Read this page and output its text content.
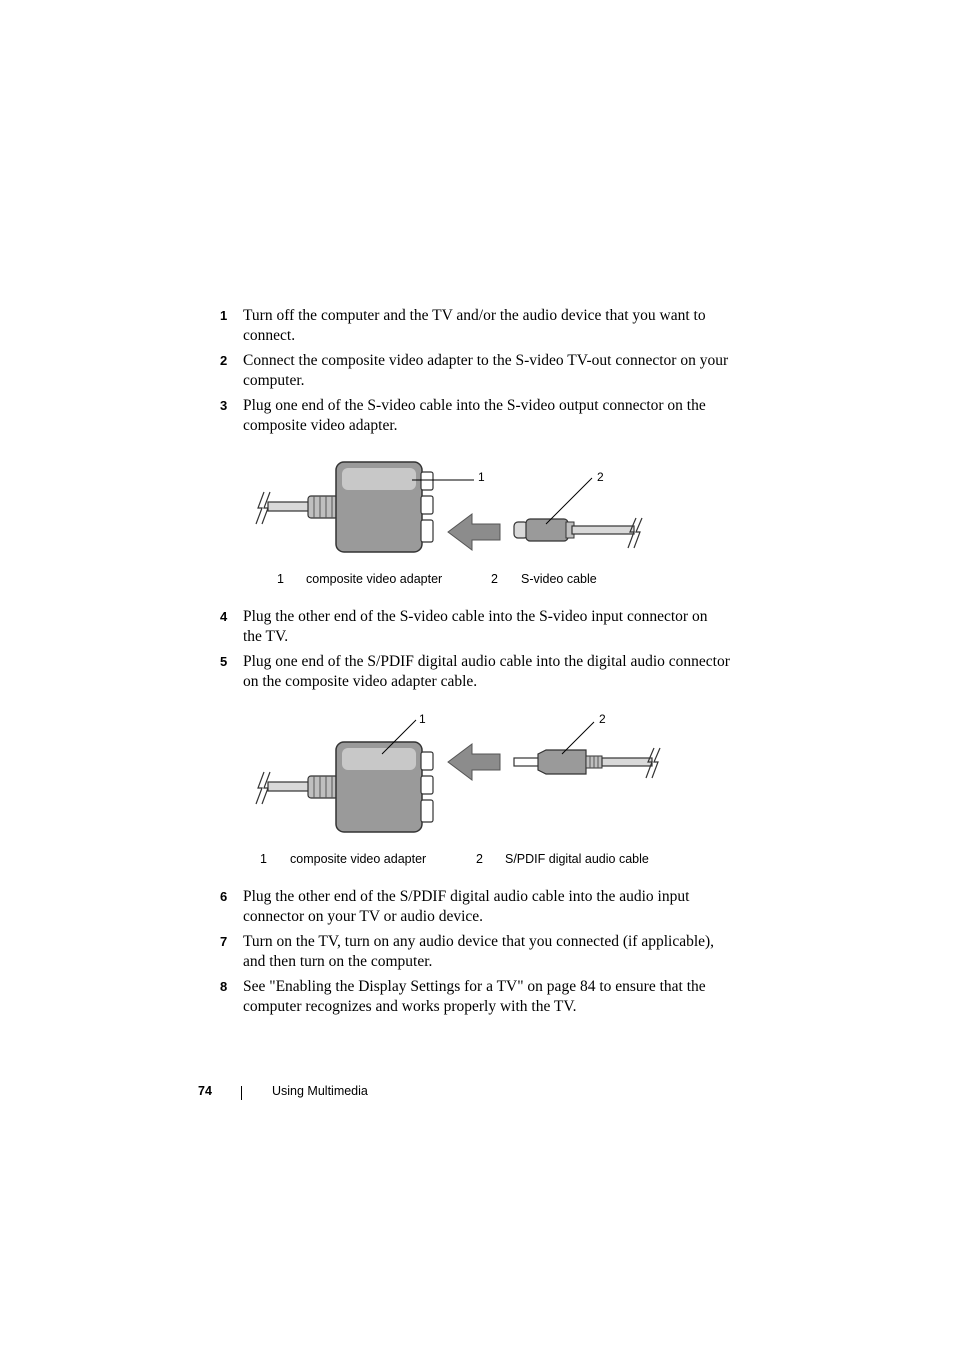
1 Turn off the computer and the TV and/or the audio device that you want to connect.
2 Connect the composite video adapter to the S-video TV-out connector on your computer.
3 Plug one end of the S-video cable into the S-video output connector on the composite video adapter.
1	2
1 composite video adapter	2 S-video cable
4 Plug the other end of the S-video cable into the S-video input connector on the TV.
5 Plug one end of the S/PDIF digital audio cable into the digital audio connector on the composite video adapter cable.
1	2
1 composite video adapter	2 S/PDIF digital audio cable
6 Plug the other end of the S/PDIF digital audio cable into the audio input connector on your TV or audio device.
7 Turn on the TV, turn on any audio device that you connected (if applicable), and then turn on the computer.
8 See "Enabling the Display Settings for a TV" on page 84 to ensure that the computer recognizes and works properly with the TV.
74	Using Multimedia
